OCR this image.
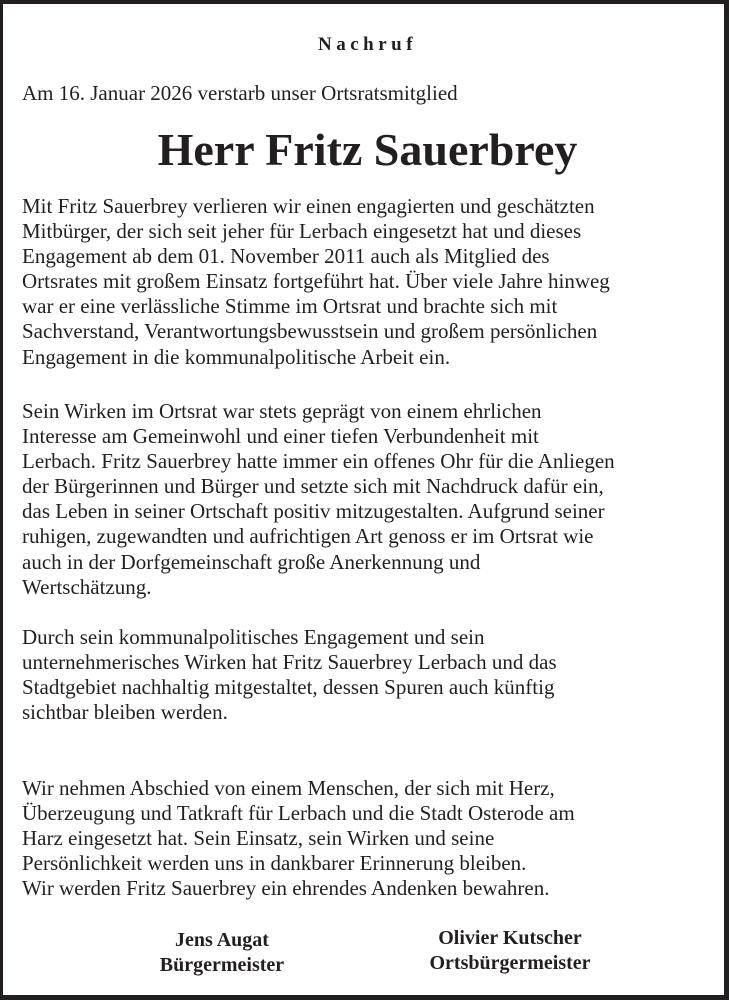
Nachruf
Am 16. Januar 2026 verstarb unser Ortsratsmitglied
Herr Fritz Sauerbrey
Mit Fritz Sauerbrey verlieren wir einen engagierten und geschätzten
Mitbürger, der sich seit jeher für Lerbach eingesetzt hat und dieses
Engagement ab dem 01. November 2011 auch als Mitglied des
Ortsrates mit großem Einsatz fortgeführt hat. Über viele Jahre hinweg
war er eine verlässliche Stimme im Ortsrat und brachte sich mit
Sachverstand, Verantwortungsbewusstsein und großem persönlichen
Engagement in die kommunalpolitische Arbeit ein.
Sein Wirken im Ortsrat war stets geprägt von einem ehrlichen
Interesse am Gemeinwohl und einer tiefen Verbundenheit mit
Lerbach. Fritz Sauerbrey hatte immer ein offenes Ohr für die Anliegen
der Bürgerinnen und Bürger und setzte sich mit Nachdruck dafür ein,
das Leben in seiner Ortschaft positiv mitzugestalten. Aufgrund seiner
ruhigen, zugewandten und aufrichtigen Art genoss er im Ortsrat wie
auch in der Dorfgemeinschaft große Anerkennung und
Wertschätzung.
Durch sein kommunalpolitisches Engagement und sein
unternehmerisches Wirken hat Fritz Sauerbrey Lerbach und das
Stadtgebiet nachhaltig mitgestaltet, dessen Spuren auch künftig
sichtbar bleiben werden.
Wir nehmen Abschied von einem Menschen, der sich mit Herz,
Überzeugung und Tatkraft für Lerbach und die Stadt Osterode am
Harz eingesetzt hat. Sein Einsatz, sein Wirken und seine
Persönlichkeit werden uns in dankbarer Erinnerung bleiben.
Wir werden Fritz Sauerbrey ein ehrendes Andenken bewahren.
Jens Augat
Bürgermeister
Olivier Kutscher
Ortsbürgermeister
